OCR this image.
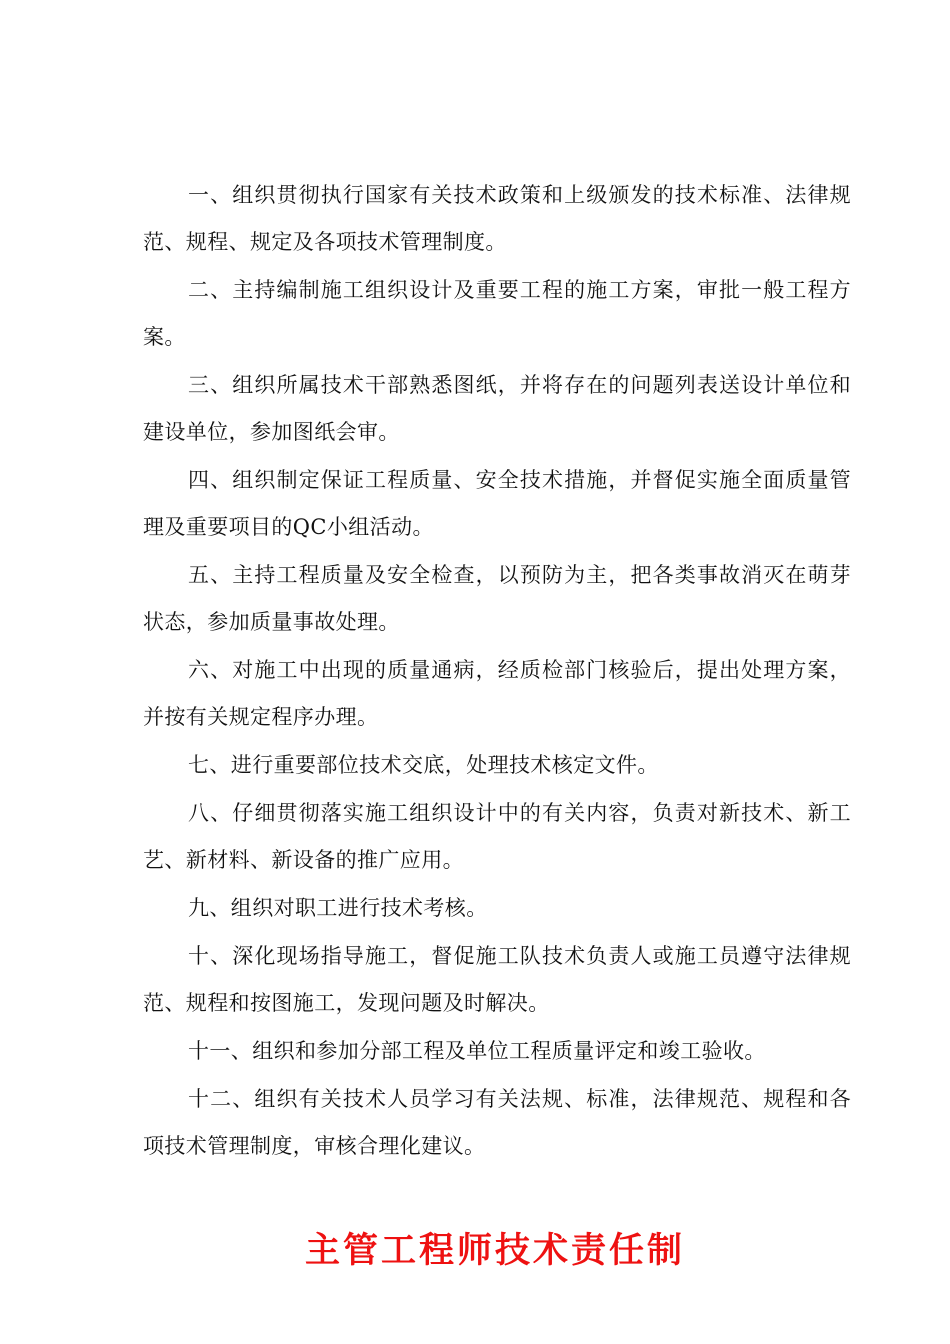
一、组织贯彻执行国家有关技术政策和上级颁发的技术标准、法律规范、规程、规定及各项技术管理制度。

二、主持编制施工组织设计及重要工程的施工方案，审批一般工程方案。

三、组织所属技术干部熟悉图纸，并将存在的问题列表送设计单位和建设单位，参加图纸会审。

四、组织制定保证工程质量、安全技术措施，并督促实施全面质量管理及重要项目的QC小组活动。

五、主持工程质量及安全检查，以预防为主，把各类事故消灭在萌芽状态，参加质量事故处理。

六、对施工中出现的质量通病，经质检部门核验后，提出处理方案，并按有关规定程序办理。

七、进行重要部位技术交底，处理技术核定文件。

八、仔细贯彻落实施工组织设计中的有关内容，负责对新技术、新工艺、新材料、新设备的推广应用。

九、组织对职工进行技术考核。

十、深化现场指导施工，督促施工队技术负责人或施工员遵守法律规范、规程和按图施工，发现问题及时解决。

十一、组织和参加分部工程及单位工程质量评定和竣工验收。

十二、组织有关技术人员学习有关法规、标准，法律规范、规程和各项技术管理制度，审核合理化建议。

主管工程师技术责任制
